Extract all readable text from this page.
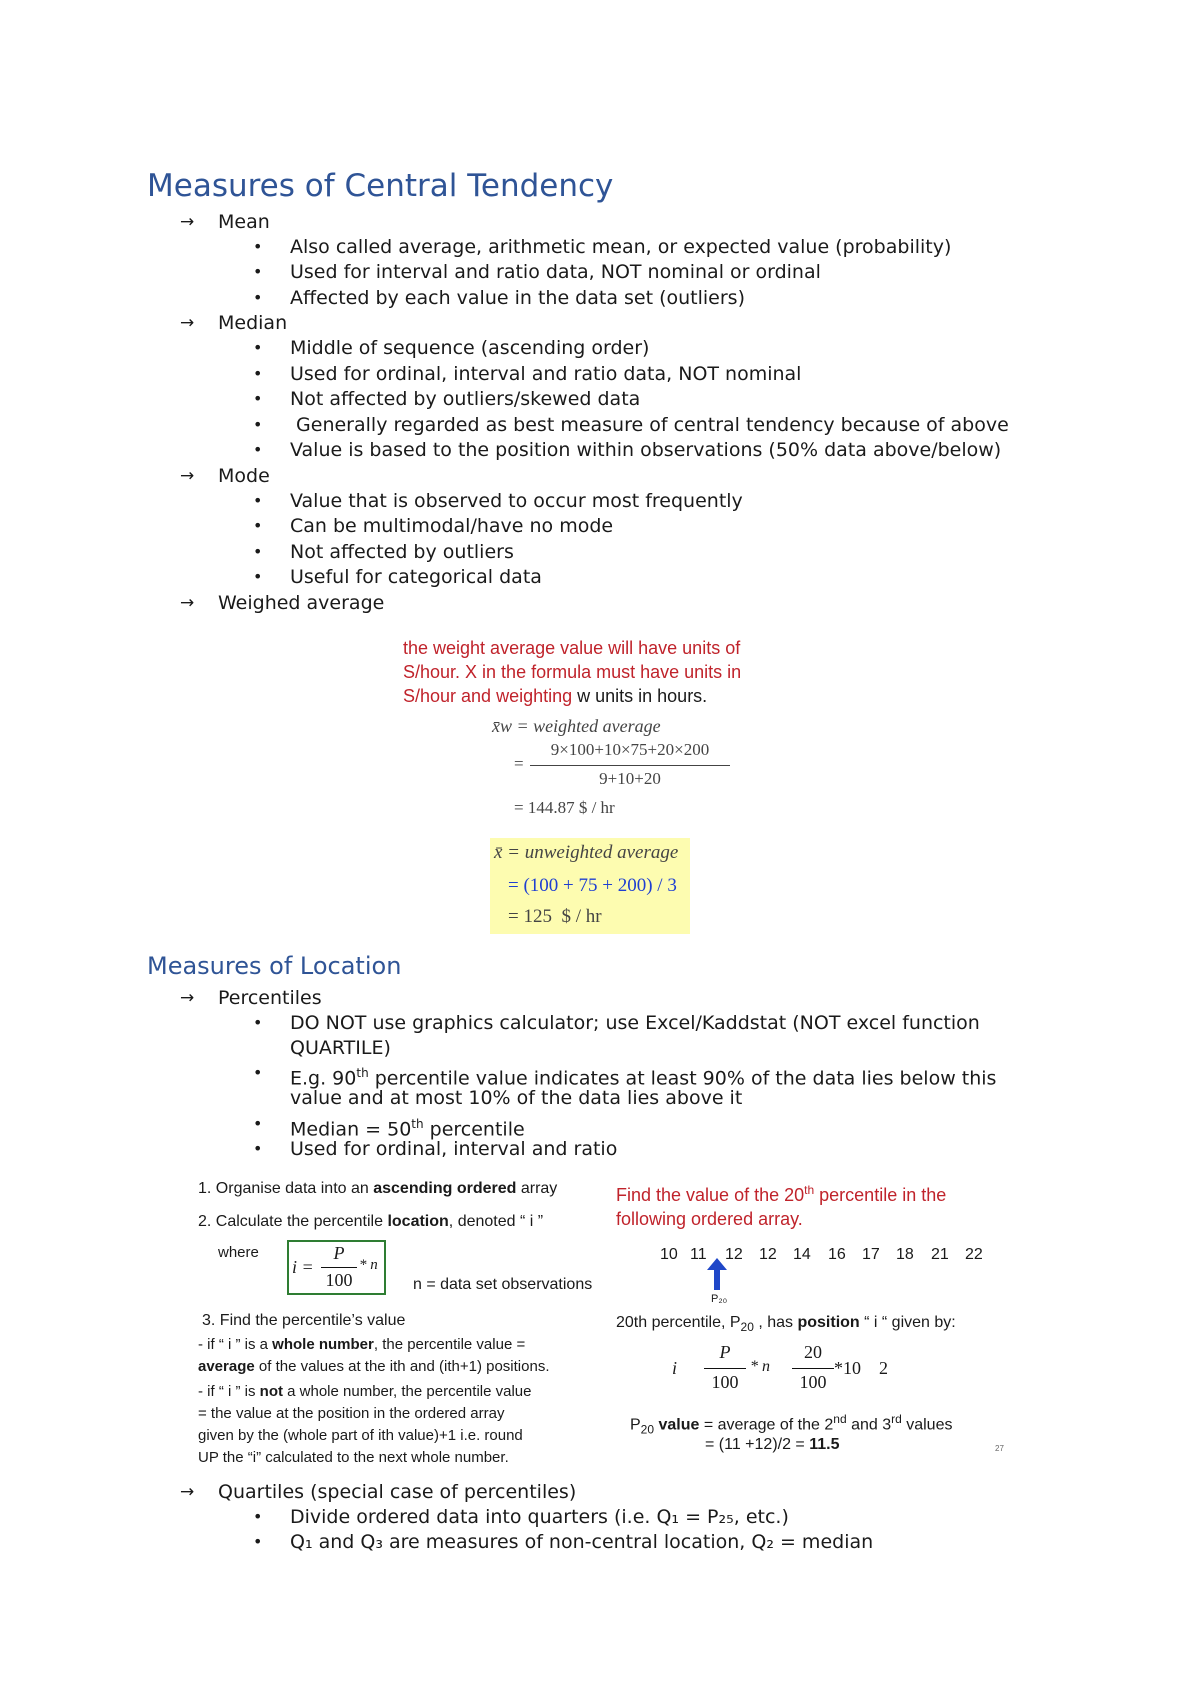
Measures of Central Tendency
→ Mean
• Also called average, arithmetic mean, or expected value (probability)
• Used for interval and ratio data, NOT nominal or ordinal
• Affected by each value in the data set (outliers)
→ Median
• Middle of sequence (ascending order)
• Used for ordinal, interval and ratio data, NOT nominal
• Not affected by outliers/skewed data
• Generally regarded as best measure of central tendency because of above
• Value is based to the position within observations (50% data above/below)
→ Mode
• Value that is observed to occur most frequently
• Can be multimodal/have no mode
• Not affected by outliers
• Useful for categorical data
→ Weighed average
the weight average value will have units of
S/hour. X in the formula must have units in
S/hour and weighting w units in hours.
x̄w = weighted average
=
9×100+10×75+20×200
9+10+20
= 144.87 $ / hr
x̄ = unweighted average
= (100 + 75 + 200) / 3
= 125  $ / hr
Measures of Location
→ Percentiles
• DO NOT use graphics calculator; use Excel/Kaddstat (NOT excel function
QUARTILE)
• E.g. 90th percentile value indicates at least 90% of the data lies below this
value and at most 10% of the data lies above it
• Median = 50th percentile
• Used for ordinal, interval and ratio
1. Organise data into an ascending ordered array
2. Calculate the percentile location, denoted “ i ”
where
i =
P
100
* n
n = data set observations
3. Find the percentile’s value
- if “ i ” is a whole number, the percentile value =
average of the values at the ith and (ith+1) positions.
- if “ i ” is not a whole number, the percentile value
= the value at the position in the ordered array
given by the (whole part of ith value)+1 i.e. round
UP the “i” calculated to the next whole number.
Find the value of the 20th percentile in the
following ordered array.
10 11 12 12 14 16 17 18 21 22
P₂₀
20th percentile, $P_{20}$ , has position “ i “ given by:
i
P
100
* n
20
100
*10    2
$P_{20}$ value = average of the 2nd and 3rd values
= (11 +12)/2 = 11.5	27
→ Quartiles (special case of percentiles)
• Divide ordered data into quarters (i.e. Q₁ = P₂₅, etc.)
• Q₁ and Q₃ are measures of non-central location, Q₂ = median
